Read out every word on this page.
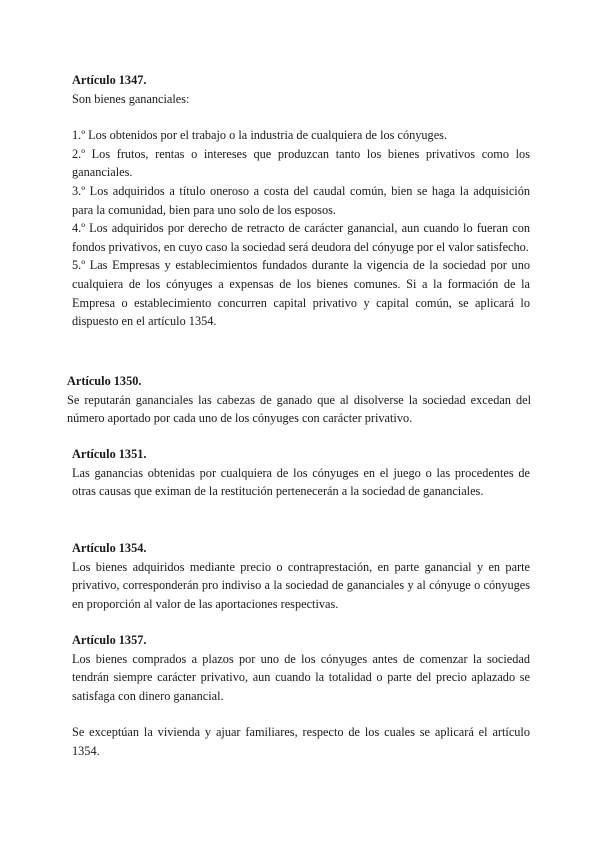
Artículo 1347.

Son bienes gananciales:

1.º Los obtenidos por el trabajo o la industria de cualquiera de los cónyuges.

2.º Los frutos, rentas o intereses que produzcan tanto los bienes privativos como los gananciales.

3.º Los adquiridos a título oneroso a costa del caudal común, bien se haga la adquisición para la comunidad, bien para uno solo de los esposos.

4.º Los adquiridos por derecho de retracto de carácter ganancial, aun cuando lo fueran con fondos privativos, en cuyo caso la sociedad será deudora del cónyuge por el valor satisfecho.

5.º Las Empresas y establecimientos fundados durante la vigencia de la sociedad por uno cualquiera de los cónyuges a expensas de los bienes comunes. Si a la formación de la Empresa o establecimiento concurren capital privativo y capital común, se aplicará lo dispuesto en el artículo 1354.

Artículo 1350.

Se reputarán gananciales las cabezas de ganado que al disolverse la sociedad excedan del número aportado por cada uno de los cónyuges con carácter privativo.

Artículo 1351.

Las ganancias obtenidas por cualquiera de los cónyuges en el juego o las procedentes de otras causas que eximan de la restitución pertenecerán a la sociedad de gananciales.

Artículo 1354.

Los bienes adquiridos mediante precio o contraprestación, en parte ganancial y en parte privativo, corresponderán pro indiviso a la sociedad de gananciales y al cónyuge o cónyuges en proporción al valor de las aportaciones respectivas.

Artículo 1357.

Los bienes comprados a plazos por uno de los cónyuges antes de comenzar la sociedad tendrán siempre carácter privativo, aun cuando la totalidad o parte del precio aplazado se satisfaga con dinero ganancial.

Se exceptúan la vivienda y ajuar familiares, respecto de los cuales se aplicará el artículo 1354.
